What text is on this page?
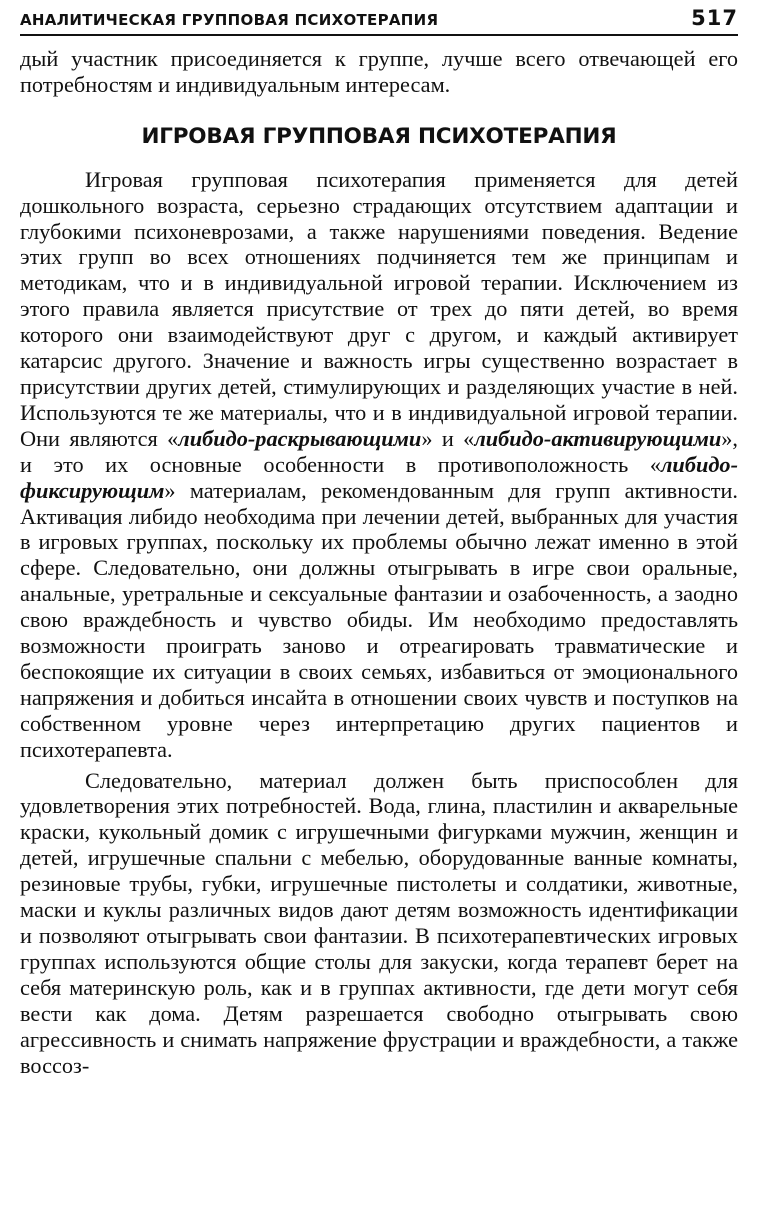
АНАЛИТИЧЕСКАЯ ГРУППОВАЯ ПСИХОТЕРАПИЯ	517

дый участник присоединяется к группе, лучше всего отвечающей его потребностям и индивидуальным интересам.

ИГРОВАЯ ГРУППОВАЯ ПСИХОТЕРАПИЯ

Игровая групповая психотерапия применяется для детей дошкольного возраста, серьезно страдающих отсутствием адаптации и глубокими психоневрозами, а также нарушениями поведения. Ведение этих групп во всех отношениях подчиняется тем же принципам и методикам, что и в индивидуальной игровой терапии. Исключением из этого правила является присутствие от трех до пяти детей, во время которого они взаимодействуют друг с другом, и каждый активирует катарсис другого. Значение и важность игры существенно возрастает в присутствии других детей, стимулирующих и разделяющих участие в ней. Используются те же материалы, что и в индивидуальной игровой терапии. Они являются «либидо-раскрывающими» и «либидо-активирующими», и это их основные особенности в противоположность «либидо-фиксирующим» материалам, рекомендованным для групп активности. Активация либидо необходима при лечении детей, выбранных для участия в игровых группах, поскольку их проблемы обычно лежат именно в этой сфере. Следовательно, они должны отыгрывать в игре свои оральные, анальные, уретральные и сексуальные фантазии и озабоченность, а заодно свою враждебность и чувство обиды. Им необходимо предоставлять возможности проиграть заново и отреагировать травматические и беспокоящие их ситуации в своих семьях, избавиться от эмоционального напряжения и добиться инсайта в отношении своих чувств и поступков на собственном уровне через интерпретацию других пациентов и психотерапевта.

Следовательно, материал должен быть приспособлен для удовлетворения этих потребностей. Вода, глина, пластилин и акварельные краски, кукольный домик с игрушечными фигурками мужчин, женщин и детей, игрушечные спальни с мебелью, оборудованные ванные комнаты, резиновые трубы, губки, игрушечные пистолеты и солдатики, животные, маски и куклы различных видов дают детям возможность идентификации и позволяют отыгрывать свои фантазии. В психотерапевтических игровых группах используются общие столы для закуски, когда терапевт берет на себя материнскую роль, как и в группах активности, где дети могут себя вести как дома. Детям разрешается свободно отыгрывать свою агрессивность и снимать напряжение фрустрации и враждебности, а также воссоз-
